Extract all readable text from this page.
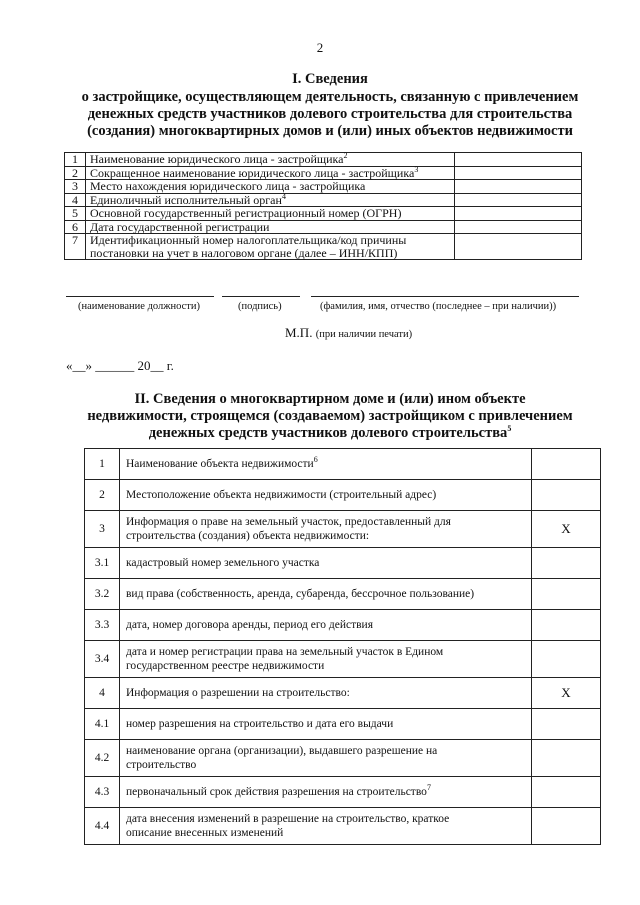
2
I. Сведения
о застройщике, осуществляющем деятельность, связанную с привлечением
денежных средств участников долевого строительства для строительства
(создания) многоквартирных домов и (или) иных объектов недвижимости
1	Наименование юридического лица - застройщика$^2$

2	Сокращенное наименование юридического лица - застройщика$^3$

3	Место нахождения юридического лица - застройщика	

4	Единоличный исполнительный орган$^4$

5	Основной государственный регистрационный номер (ОГРН)	

6	Дата государственной регистрации	

7	Идентификационный номер налогоплательщика/код причины
постановки на учет в налоговом органе (далее – ИНН/КПП)	

(наименование должности)	(подпись)	(фамилия, имя, отчество (последнее – при наличии))
М.П. (при наличии печати)
«__» ______ 20__ г.
II. Сведения о многоквартирном доме и (или) ином объекте
недвижимости, строящемся (создаваемом) застройщиком с привлечением
денежных средств участников долевого строительства$^5$
1	Наименование объекта недвижимости$^6$

2	Местоположение объекта недвижимости (строительный адрес)	

3	Информация о праве на земельный участок, предоставленный для
строительства (создания) объекта недвижимости:	Х
3.1	кадастровый номер земельного участка	

3.2	вид права (собственность, аренда, субаренда, бессрочное пользование)	

3.3	дата, номер договора аренды, период его действия	

3.4	дата и номер регистрации права на земельный участок в Едином
государственном реестре недвижимости	

4	Информация о разрешении на строительство:	Х
4.1	номер разрешения на строительство и дата его выдачи	

4.2	наименование органа (организации), выдавшего разрешение на
строительство	

4.3	первоначальный срок действия разрешения на строительство$^7$

4.4	дата внесения изменений в разрешение на строительство, краткое
описание внесенных изменений	
